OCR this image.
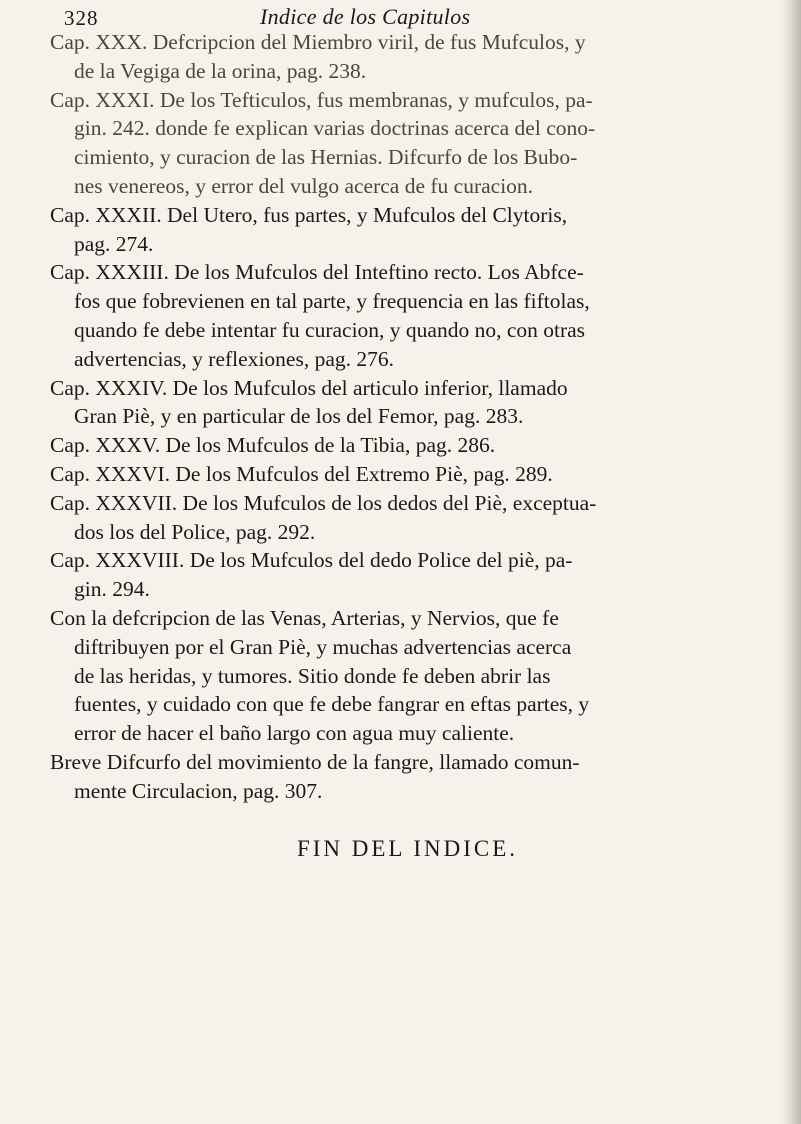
328	Indice de los Capitulos

Cap. XXX. Defcripcion del Miembro viril, de fus Mufculos, y
de la Vegiga de la orina, pag. 238.

Cap. XXXI. De los Tefticulos, fus membranas, y mufculos, pa-
gin. 242. donde fe explican varias doctrinas acerca del cono-
cimiento, y curacion de las Hernias. Difcurfo de los Bubo-
nes venereos, y error del vulgo acerca de fu curacion.

Cap. XXXII. Del Utero, fus partes, y Mufculos del Clytoris,
pag. 274.

Cap. XXXIII. De los Mufculos del Inteftino recto. Los Abfce-
fos que fobrevienen en tal parte, y frequencia en las fiftolas,
quando fe debe intentar fu curacion, y quando no, con otras
advertencias, y reflexiones, pag. 276.

Cap. XXXIV. De los Mufculos del articulo inferior, llamado
Gran Piè, y en particular de los del Femor, pag. 283.

Cap. XXXV. De los Mufculos de la Tibia, pag. 286.

Cap. XXXVI. De los Mufculos del Extremo Piè, pag. 289.

Cap. XXXVII. De los Mufculos de los dedos del Piè, exceptua-
dos los del Police, pag. 292.

Cap. XXXVIII. De los Mufculos del dedo Police del piè, pa-
gin. 294.

Con la defcripcion de las Venas, Arterias, y Nervios, que fe
diftribuyen por el Gran Piè, y muchas advertencias acerca
de las heridas, y tumores. Sitio donde fe deben abrir las
fuentes, y cuidado con que fe debe fangrar en eftas partes, y
error de hacer el baño largo con agua muy caliente.

Breve Difcurfo del movimiento de la fangre, llamado comun-
mente Circulacion, pag. 307.

FIN DEL INDICE.
